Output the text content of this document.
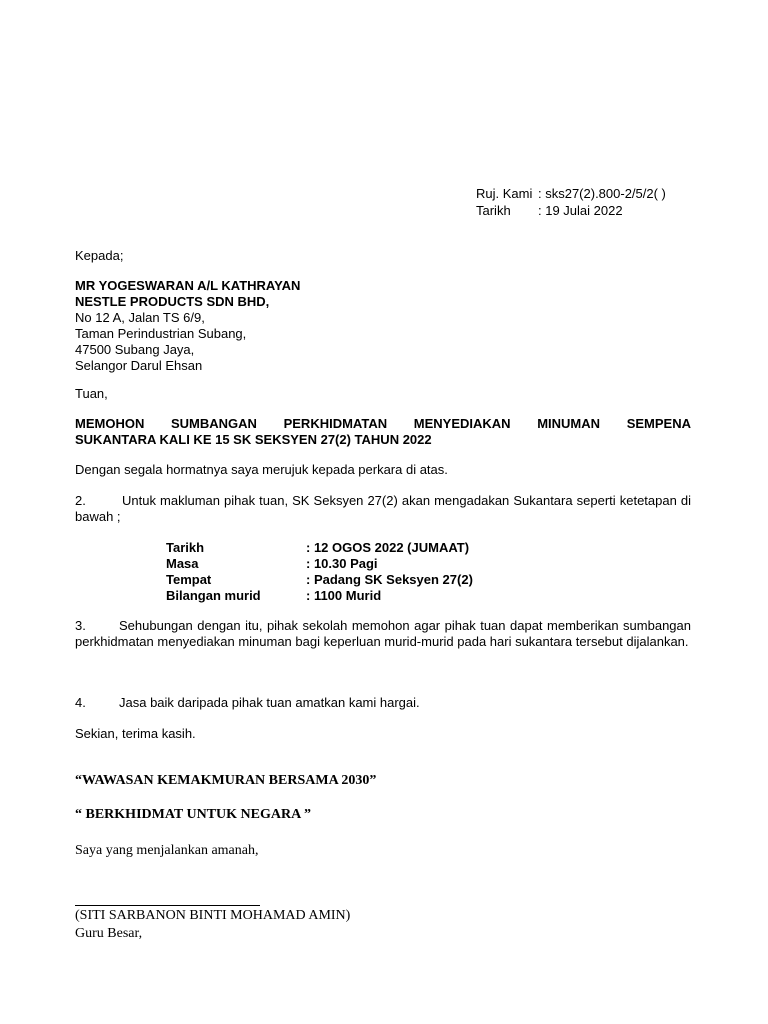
Ruj. Kami : sks27(2).800-2/5/2( )
Tarikh	: 19 Julai 2022
Kepada;
MR YOGESWARAN A/L KATHRAYAN
NESTLE PRODUCTS SDN BHD,
No 12 A, Jalan TS 6/9,
Taman Perindustrian Subang,
47500 Subang Jaya,
Selangor Darul Ehsan
Tuan,
MEMOHON SUMBANGAN PERKHIDMATAN MENYEDIAKAN MINUMAN SEMPENA
SUKANTARA KALI KE 15 SK SEKSYEN 27(2) TAHUN 2022
Dengan segala hormatnya saya merujuk kepada perkara di atas.
2.	Untuk makluman pihak tuan, SK Seksyen 27(2) akan mengadakan Sukantara seperti ketetapan di bawah ;
Tarikh	: 12 OGOS 2022 (JUMAAT)
Masa	: 10.30 Pagi
Tempat	: Padang SK Seksyen 27(2)
Bilangan murid	: 1100 Murid
3.	Sehubungan dengan itu, pihak sekolah memohon agar pihak tuan dapat memberikan sumbangan perkhidmatan menyediakan minuman bagi keperluan murid-murid pada hari sukantara tersebut dijalankan.
4.	Jasa baik daripada pihak tuan amatkan kami hargai.
Sekian, terima kasih.
“WAWASAN KEMAKMURAN BERSAMA 2030”
“ BERKHIDMAT UNTUK NEGARA ”
Saya yang menjalankan amanah,
(SITI SARBANON BINTI MOHAMAD AMIN)
Guru Besar,
